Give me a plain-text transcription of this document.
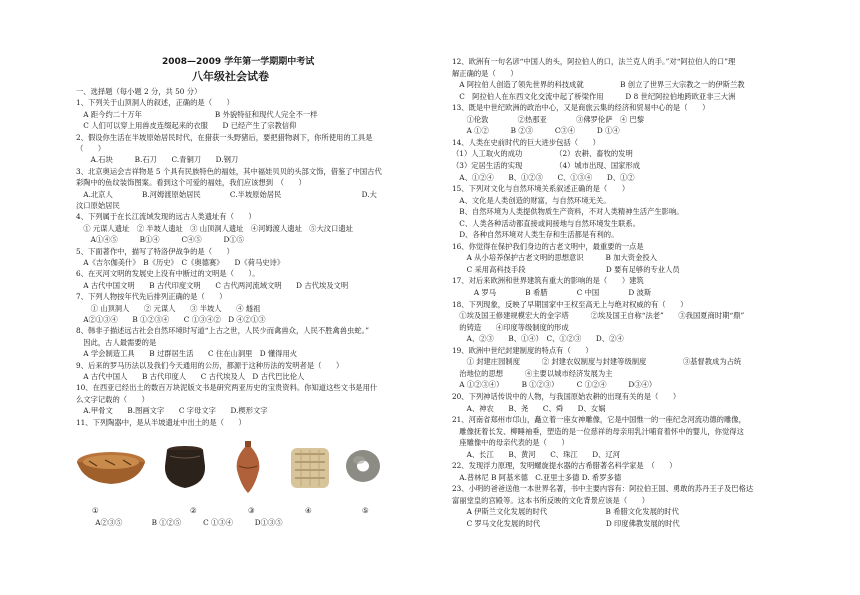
2008—2009 学年第一学期期中考试
八年级社会试卷
一、选择题（每小题 2 分，共 50 分）
1、下列关于山顶洞人的叙述，正确的是（　　）
　A 距今约二十万年　　　　　　　　　　B 外貌特征和现代人完全不一样
　C 人们可以穿上用兽皮连缀起来的衣服　　D 已经产生了宗教信仰
2、假设你生活在半坡原始居民时代，在猎获一头野猪后，要把猎物剥下，你所使用的工具是
（　　）
　　A.石块　　　B.石刀　　C.青铜刀　　D.钢刀
3、北京奥运会吉祥物是 5 个具有民族特色的福娃，其中福娃贝贝的头部文饰，借鉴了中国古代
彩陶中的鱼纹装饰图案。看到这个可爱的福娃，我们应该想到　（　　）
　A.北京人　　　　B.河姆渡原始居民　　　　C.半坡原始居民　　　　　　　　　　　D.大
汶口原始居民
4、下列属于在长江流域发现的远古人类遗址有（　　）
　① 元谋人遗址　② 半坡人遗址　③ 山顶洞人遗址　④河姆渡人遗址　⑤大汶口遗址
　　A①④⑤　　　B①④　　　C④⑤　　　D①⑤
5、下面著作中，描写了特洛伊战争的是（　　）
　A《吉尔伽美什》　B《历史》　C《奥德赛》　　D《荷马史诗》
6、在灭河文明的发展史上没有中断过的文明是（　　）。
　A 古代中国文明　　B 古代印度文明　　C 古代两河流域文明　　D 古代埃及文明
7、下列人物按年代先后排列正确的是（　　）
　　① 山顶洞人　　② 元谋人　　③ 半坡人　　④ 燧祖
　A②①③④　　B ①②③④　　C ①③④②　D ④②①③
8、韩非子描述远古社会自然环境时写道“上古之世，人民少而禽兽众，人民不胜禽兽虫蛇。”
　因此，古人最需要的是
　A 学会制造工具　　B 过群居生活　　C 住在山洞里　D 懂得用火
9、后来的罗马历法以及我们今天通用的公历，都源于这种历法的发明者是（　　）
　A 古代中国人　　B 古代印度人　　C 古代埃及人　D 古代巴比伦人
10、在西亚已经出土的数百万块泥版文书是研究两亚历史的宝贵资料。你知道这些文书是用什
么文字记载的（　　）
　A.甲骨文　　B.图画文字　　C 字母文字　　D.楔形文字
11、下列陶器中，是从半坡遗址中出土的是（　　）
①	②	③	④	⑤
　A②③⑤　　　　B ①②⑤　　　C ①③④　　　D①③⑤
12、欧洲有一句名谚“中国人的头，阿拉伯人的口，法兰克人的手。”对“阿拉伯人的口”理
解正确的是（　　）
　A 阿拉伯人创造了领先世界的科技成就　　　　　B 创立了世界三大宗教之一的伊斯兰教
　C　阿拉伯人在东西文化交流中起了桥梁作用　　　D 8 世纪阿拉伯地跨欧亚非三大洲
13、既是中世纪欧洲的政治中心，又是商旅云集的经济和贸易中心的是（　　）
　　①伦敦　　　　②热那亚　　　　③佛罗伦萨　④ 巴黎
　　A ①②　　　B ②③　　　C③④　　　D ①④
14、人类在史前时代的巨大进步包括（　　）
（1）人工取火的成功　　　　　（2）农耕、畜牧的发明
（3）定居生活的实现　　　　　（4）城市出现、国家形成
　A、①②④　　B、①②③　　C、①③④　　D、①②
15、下列对文化与自然环境关系叙述正确的是（　　）
　A、文化是人类创造的财富，与自然环境无关。
　B、自然环境为人类提供物质生产资料，不对人类精神生活产生影响。
　C、人类各种活动都直接或间接地与自然环境发生联系。
　D、各种自然环境对人类生存和生活都是有利的。
16、你觉得在保护我们身边的古老文明中，最重要的一点是
　　A 从小培养保护古老文明的思想意识　　　B 加大资金投入
　　C 采用高科技手段　　　　　　　　　　　D 要有足够的专业人员
17、对后来欧洲和世界建筑有重大的影响的是（　　）建筑
　　　A 罗马　　　　B 希腊　　　　C 中国　　　　D 波斯
18、下列现象，反映了早期国家中王权至高无上与绝对权威的有（　　）
　①埃及国王修建规模宏大的金字塔　　　②埃及国王自称“法老”　　③我国夏商时期“鼎”
　的铸造　　④印度等级制度的形成
　　A、②③　　B、①④）　C、①②③　　D、②④
19、欧洲中世纪封建制度的特点有（　　）
　　① 封建庄园制度　　　② 封建农奴制度与封建等级制度　　　　　③基督教成为占统
　治地位的思想　　　④主要以城市经济发展为主
　A ①②③④）　　　B ①②③）　　　C ①②④　　　D③④）
20、下列神话传说中的人物，与我国原始农耕的出现有关的是（　　）
　　A、神农　　B、尧　　C、舜　　D、女娲
21、河南省郑州市邙山，矗立着一座女神雕像，它是中国惟一的一座纪念河流功德的雕像，
　雕像抚着长发、柳睡袖垂，塑造的是一位慈祥的母亲用乳汁哺育着怀中的婴儿，你觉得这
　座雕像中的母亲代表的是（　　）
　　A、长江　　B、黄河　　C、珠江　　D、辽河
22、发现浮力原理，发明螺旋提水器的古希腊著名科学家是　（　　）
　A.普林尼 B 阿基米德　C.亚里士多德 D. 希罗多德
23、小明的爸爸送他一本世界名著，书中主要内容有：阿拉伯王国、勇敢的苏丹王子及巴格达
富丽堂皇的宫殿等。这本书所反映的文化背景应该是（　　）
　　A 伊斯兰文化发展的时代　　　　　　　　B 希腊文化发展的时代
　　C 罗马文化发展的时代　　　　　　　　　D 印度佛教发展的时代
